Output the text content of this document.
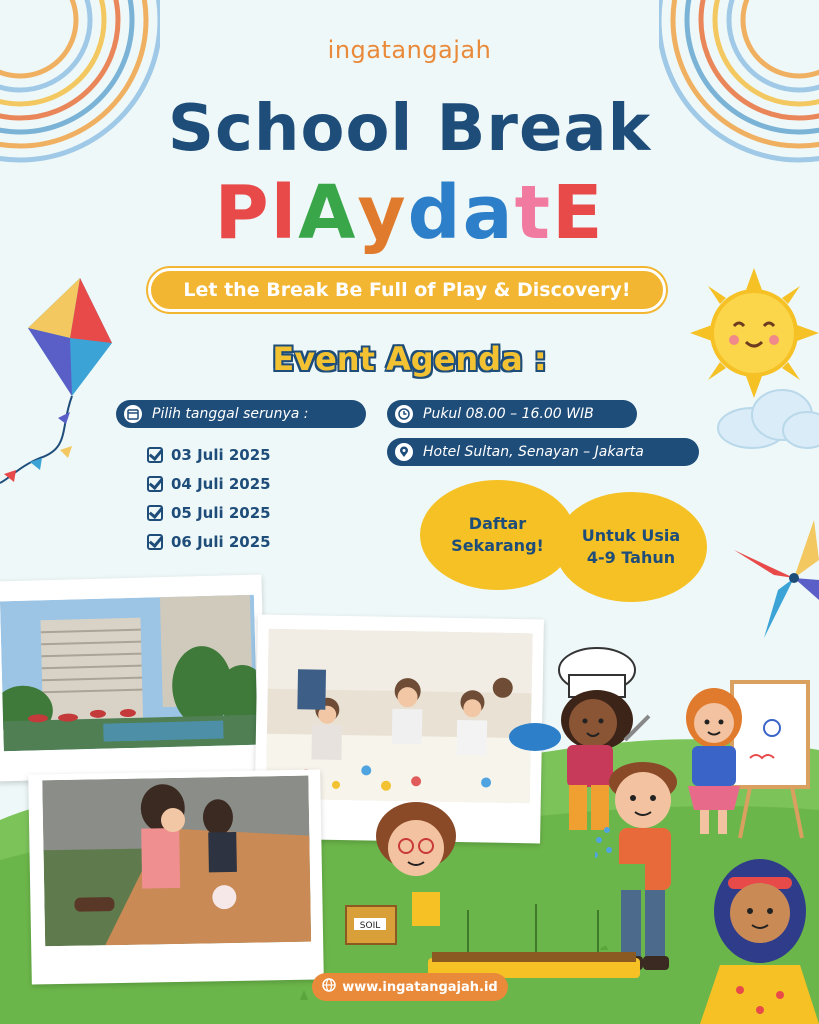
ingatangajah
School Break
PlAydatE
Let the Break Be Full of Play & Discovery!
Event Agenda :
Pilih tanggal serunya :	Pukul 08.00 – 16.00 WIB
Hotel Sultan, Senayan – Jakarta
03 Juli 2025
04 Juli 2025
05 Juli 2025
06 Juli 2025
Daftar
Sekarang!
Untuk Usia
4-9 Tahun
SOIL
www.ingatangajah.id
